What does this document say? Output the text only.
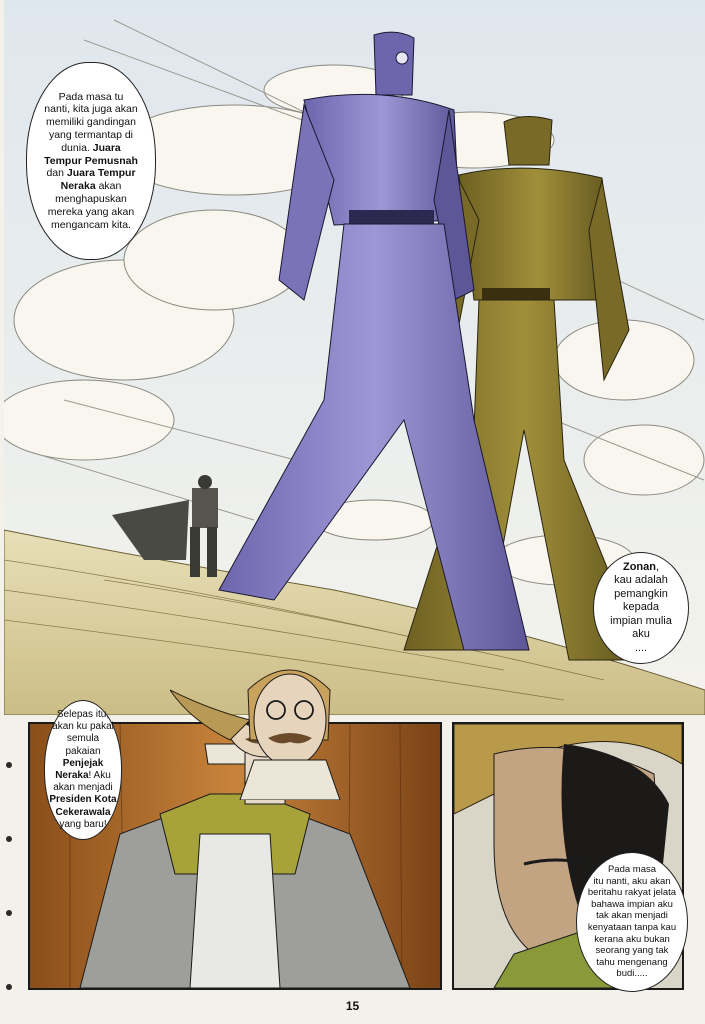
Pada masa tu
nanti, kita juga akan
memiliki gandingan
yang termantap di
dunia. Juara
Tempur Pemusnah
dan Juara Tempur
Neraka akan
menghapuskan
mereka yang akan
mengancam kita.
Zonan,
kau adalah
pemangkin
kepada
impian mulia
aku
....
Selepas itu,
akan ku pakai
semula pakaian
Penjejak
Neraka! Aku
akan menjadi
Presiden Kota
Cekerawala
yang baru!
Pada masa
itu nanti, aku akan
beritahu rakyat jelata
bahawa impian aku
tak akan menjadi
kenyataan tanpa kau
kerana aku bukan
seorang yang tak
tahu mengenang
budi.....
15
